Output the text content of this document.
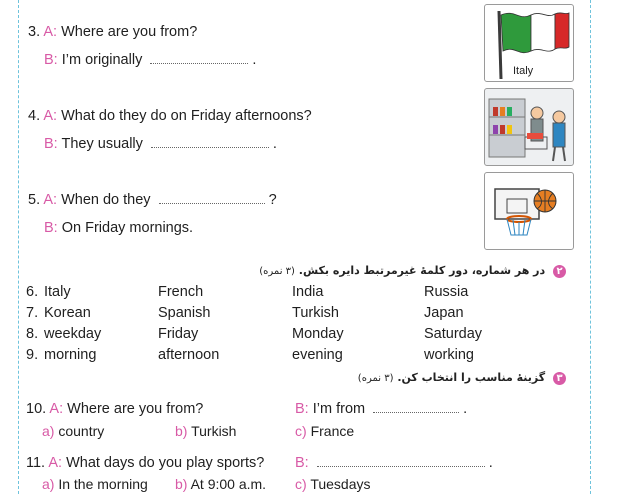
3. A: Where are you from?
B: I’m originally	.
4. A: What do they do on Friday afternoons?
B: They usually	.
5. A: When do they	?
B: On Friday mornings.
Italy
۲ در هر شماره، دور کلمهٔ غیرمرتبط دایره بکش. (۳ نمره)
6. Italy	French	India	Russia
7. Korean	Spanish	Turkish	Japan
8. weekday	Friday	Monday	Saturday
9. morning	afternoon	evening	working
۳ گزینهٔ مناسب را انتخاب کن. (۳ نمره)
10. A: Where are you from?	B: I’m from	.
a) country	b) Turkish	c) France
11. A: What days do you play sports? B:	.
a) In the morning b) At 9:00 a.m. c) Tuesdays
